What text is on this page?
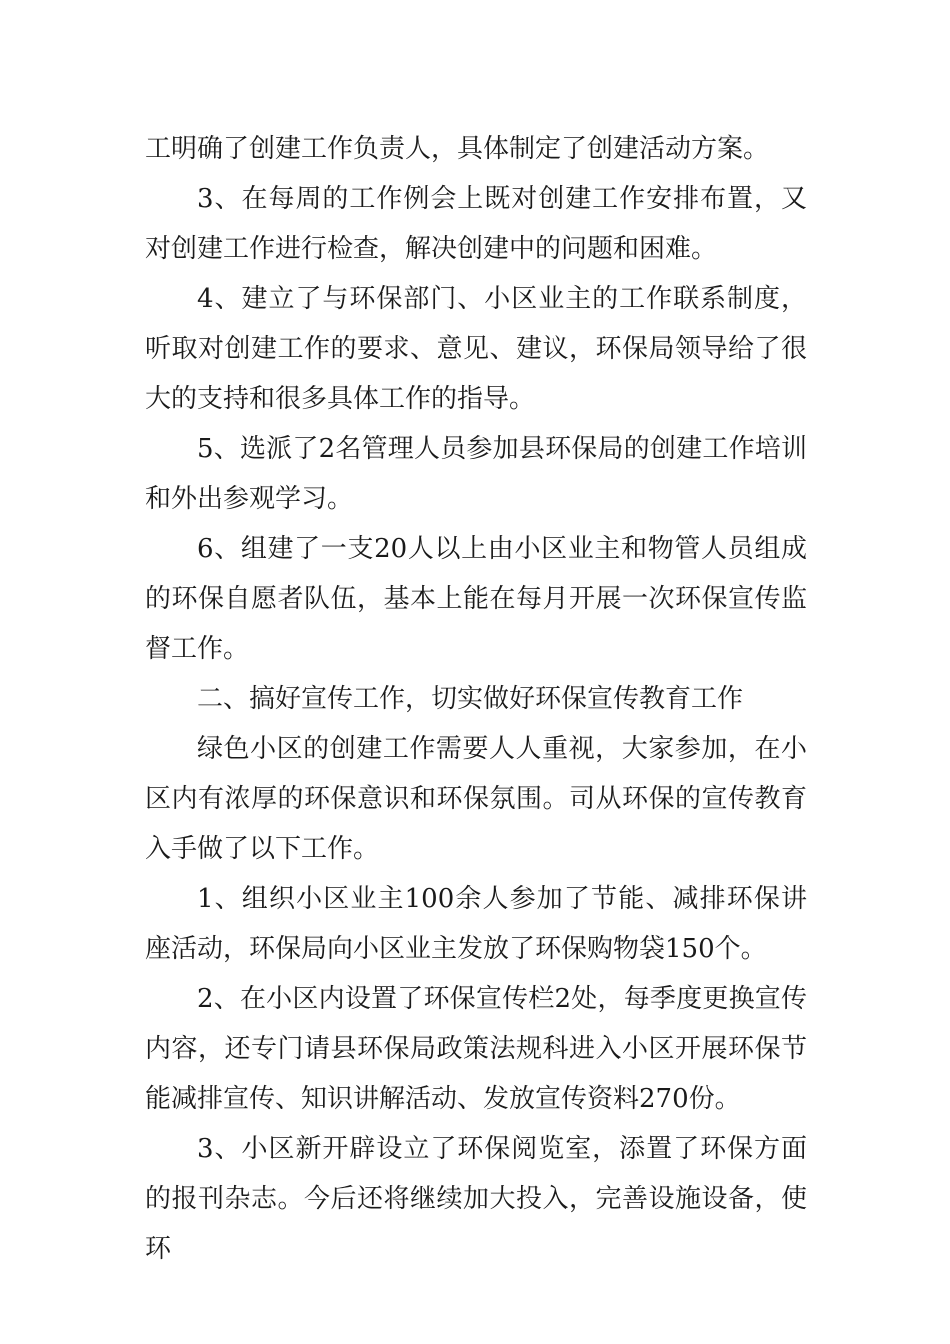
工明确了创建工作负责人，具体制定了创建活动方案。

3、在每周的工作例会上既对创建工作安排布置，又对创建工作进行检查，解决创建中的问题和困难。

4、建立了与环保部门、小区业主的工作联系制度，听取对创建工作的要求、意见、建议，环保局领导给了很大的支持和很多具体工作的指导。

5、选派了2名管理人员参加县环保局的创建工作培训和外出参观学习。

6、组建了一支20人以上由小区业主和物管人员组成的环保自愿者队伍，基本上能在每月开展一次环保宣传监督工作。

二、搞好宣传工作，切实做好环保宣传教育工作

绿色小区的创建工作需要人人重视，大家参加，在小区内有浓厚的环保意识和环保氛围。司从环保的宣传教育入手做了以下工作。

1、组织小区业主100余人参加了节能、减排环保讲座活动，环保局向小区业主发放了环保购物袋150个。

2、在小区内设置了环保宣传栏2处，每季度更换宣传内容，还专门请县环保局政策法规科进入小区开展环保节能减排宣传、知识讲解活动、发放宣传资料270份。

3、小区新开辟设立了环保阅览室，添置了环保方面的报刊杂志。今后还将继续加大投入，完善设施设备，使环
